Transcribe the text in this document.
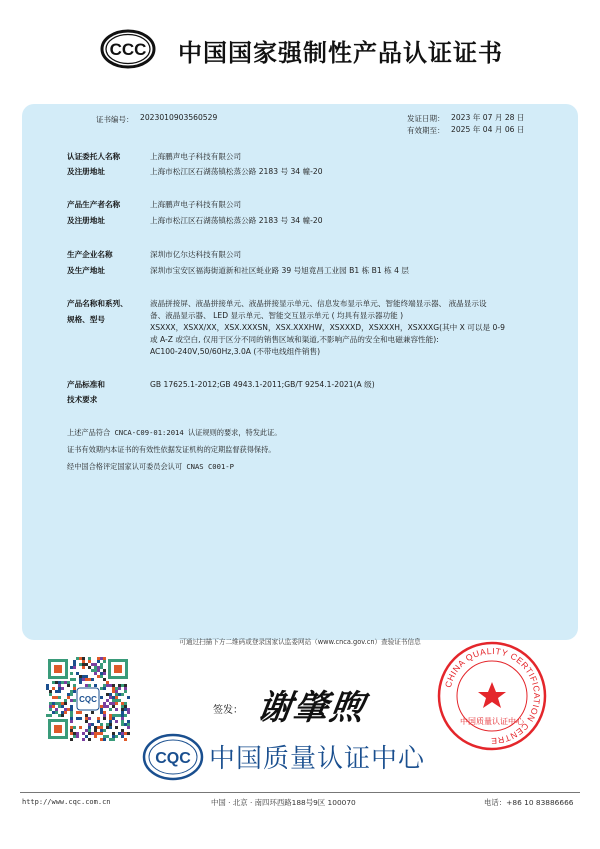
CCC 中国国家强制性产品认证证书
证书编号： 2023010903560529	发证日期： 2023 年 07 月 28 日
有效期至： 2025 年 04 月 06 日
认证委托人名称	上海鹏声电子科技有限公司
及注册地址	上海市松江区石湖荡镇松蒸公路 2183 号 34 幢-20
产品生产者名称	上海鹏声电子科技有限公司
及注册地址	上海市松江区石湖荡镇松蒸公路 2183 号 34 幢-20
生产企业名称	深圳市亿尔达科技有限公司
及生产地址	深圳市宝安区福海街道新和社区蚝业路 39 号旭竟昌工业园 B1 栋 B1 栋 4 层
产品名称和系列、
规格、型号
液晶拼接屏、液晶拼接单元、液晶拼接显示单元、信息发布显示单元、智能终端显示器、 液晶显示设
备、液晶显示器、 LED 显示单元、智能交互显示单元 ( 均具有显示器功能 )
XSXXX，XSXX/XX，XSX.XXXSN，XSX.XXXHW，XSXXXD，XSXXXH，XSXXXG(其中 X 可以是 0-9
或 A-Z 或空白, 仅用于区分不同的销售区域和渠道,不影响产品的安全和电磁兼容性能):
AC100-240V,50/60Hz,3.0A (不带电线组件销售)
产品标准和
技术要求
GB 17625.1-2012;GB 4943.1-2011;GB/T 9254.1-2021(A 级)
上述产品符合 CNCA-C09-01:2014 认证规则的要求，特发此证。
证书有效期内本证书的有效性依据发证机构的定期监督获得保持。
经中国合格评定国家认可委员会认可 CNAS C001-P
可通过扫描下方二维码或登录国家认监委网站（www.cnca.gov.cn）查验证书信息
CQC
签发： 谢肇煦
CQC 中国质量认证中心
CHINA QUALITY CERTIFICATION CENTRE
中国质量认证中心
http://www.cqc.com.cn	中国 · 北京 · 南四环西路188号9区 100070	电话：+86 10 83886666
